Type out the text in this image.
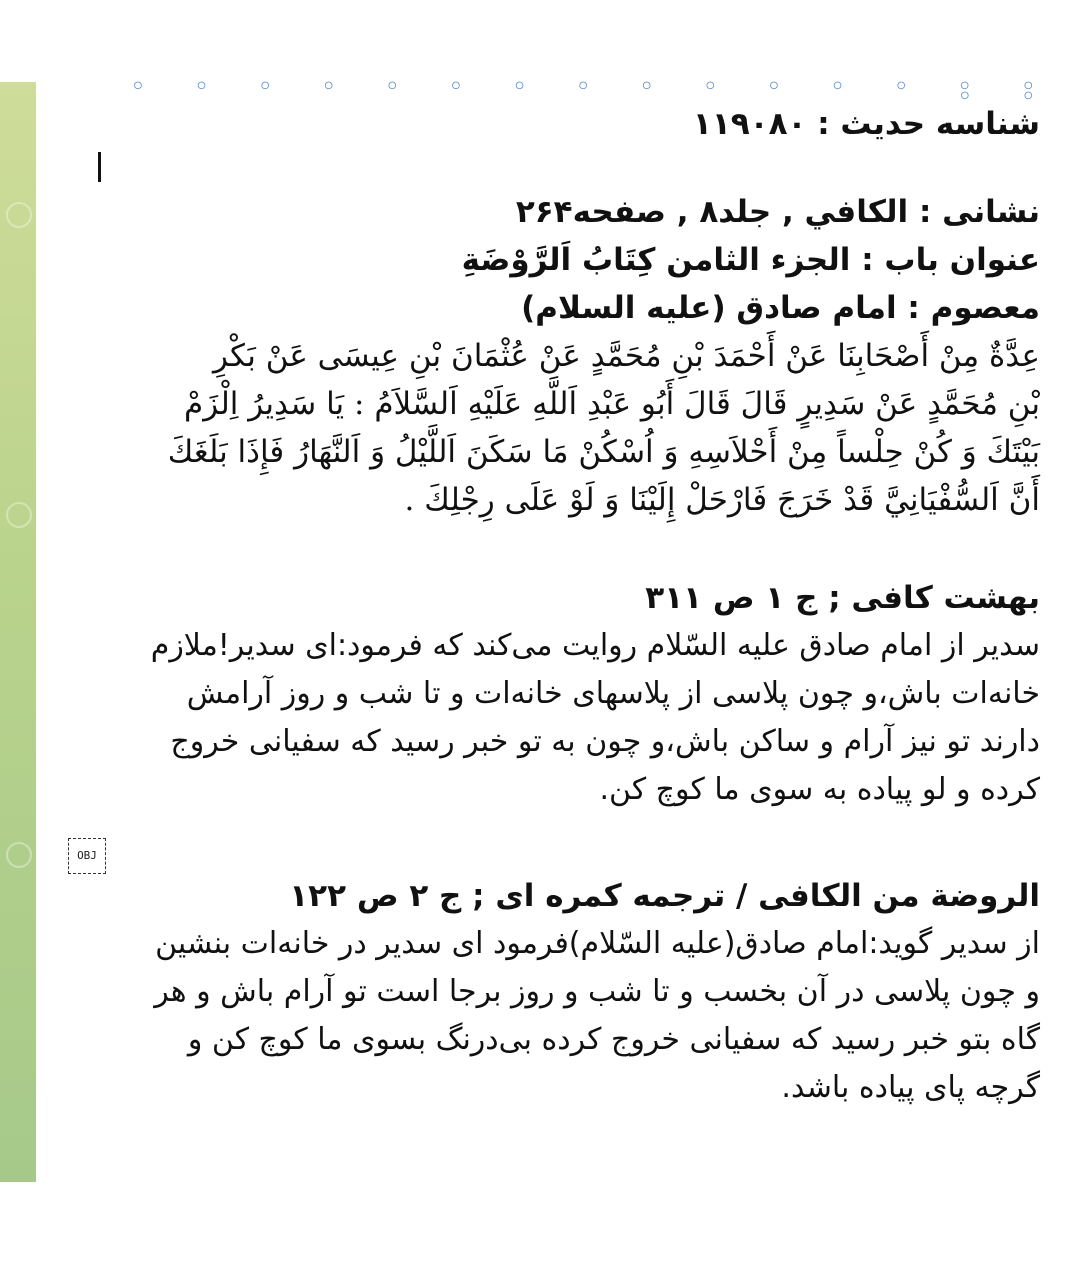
◦ ◦ ◦ ◦ ◦ ◦ ◦ ◦ ◦ ◦ ◦ ◦ ◦ ◦ ◦ ◦ ◦
OBJ
شناسه حدیث : ۱۱۹۰۸۰
نشانی : الکافي , جلد۸ , صفحه۲۶۴
عنوان باب : الجزء الثامن كِتَابُ اَلرَّوْضَةِ
معصوم : امام صادق (علیه السلام)
عِدَّةٌ مِنْ أَصْحَابِنَا عَنْ أَحْمَدَ بْنِ مُحَمَّدٍ عَنْ عُثْمَانَ بْنِ عِيسَى عَنْ بَكْرِ
بْنِ مُحَمَّدٍ عَنْ سَدِيرٍ قَالَ قَالَ أَبُو عَبْدِ اَللَّهِ عَلَيْهِ اَلسَّلاَمُ : يَا سَدِيرُ اِلْزَمْ
بَيْتَكَ وَ كُنْ حِلْساً مِنْ أَحْلاَسِهِ وَ اُسْكُنْ مَا سَكَنَ اَللَّيْلُ وَ اَلنَّهَارُ فَإِذَا بَلَغَكَ
أَنَّ اَلسُّفْيَانِيَّ قَدْ خَرَجَ فَارْحَلْ إِلَيْنَا وَ لَوْ عَلَى رِجْلِكَ .
بهشت کافی ; ج ۱ ص ۳۱۱
سدیر از امام صادق علیه السّلام روایت می‌کند که فرمود:ای سدیر!ملازم
خانه‌ات باش،و چون پلاسی از پلاسهای خانه‌ات و تا شب و روز آرامش
دارند تو نیز آرام و ساکن باش،و چون به تو خبر رسید که سفیانی خروج
کرده و لو پیاده به سوی ما کوچ کن.
الروضة من الکافی / ترجمه کمره ای ; ج ۲ ص ۱۲۲
از سدیر گوید:امام صادق(علیه السّلام)فرمود ای سدیر در خانه‌ات بنشین
و چون پلاسی در آن بخسب و تا شب و روز برجا است تو آرام باش و هر
گاه بتو خبر رسید که سفیانی خروج کرده بی‌درنگ بسوی ما کوچ کن و
گرچه پای پیاده باشد.
